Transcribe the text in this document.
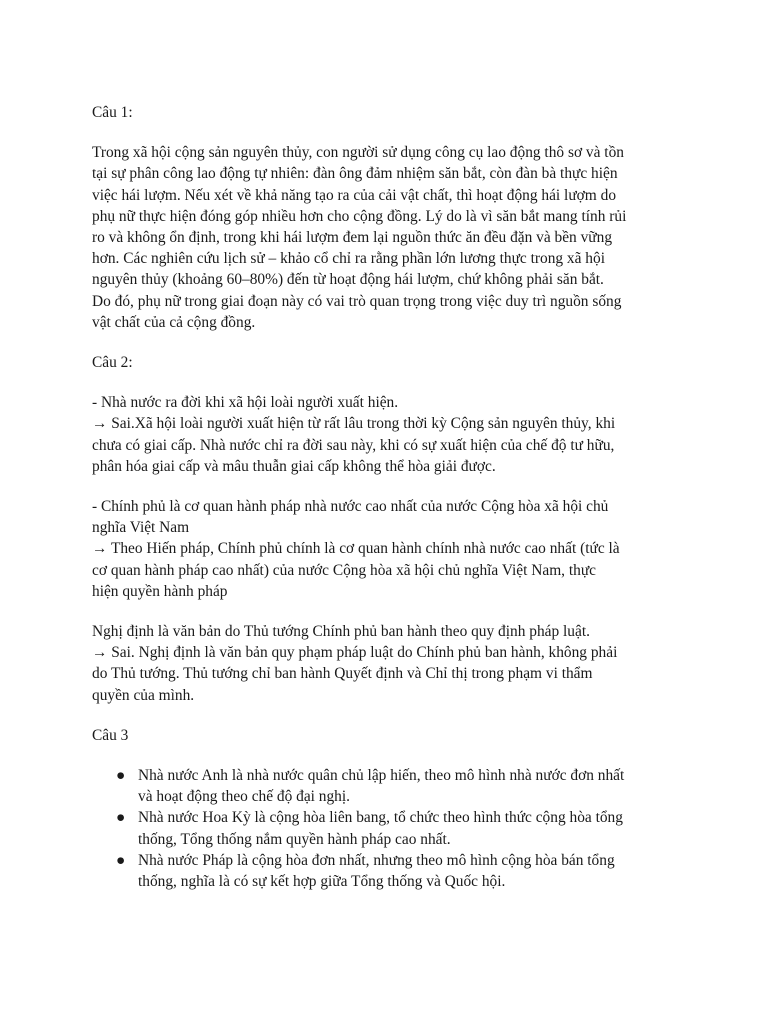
Câu 1:
Trong xã hội cộng sản nguyên thủy, con người sử dụng công cụ lao động thô sơ và tồn
tại sự phân công lao động tự nhiên: đàn ông đảm nhiệm săn bắt, còn đàn bà thực hiện
việc hái lượm. Nếu xét về khả năng tạo ra của cải vật chất, thì hoạt động hái lượm do
phụ nữ thực hiện đóng góp nhiều hơn cho cộng đồng. Lý do là vì săn bắt mang tính rủi
ro và không ổn định, trong khi hái lượm đem lại nguồn thức ăn đều đặn và bền vững
hơn. Các nghiên cứu lịch sử – khảo cổ chỉ ra rằng phần lớn lương thực trong xã hội
nguyên thủy (khoảng 60–80%) đến từ hoạt động hái lượm, chứ không phải săn bắt.
Do đó, phụ nữ trong giai đoạn này có vai trò quan trọng trong việc duy trì nguồn sống
vật chất của cả cộng đồng.
Câu 2:
- Nhà nước ra đời khi xã hội loài người xuất hiện.
→ Sai.Xã hội loài người xuất hiện từ rất lâu trong thời kỳ Cộng sản nguyên thủy, khi
chưa có giai cấp. Nhà nước chỉ ra đời sau này, khi có sự xuất hiện của chế độ tư hữu,
phân hóa giai cấp và mâu thuẫn giai cấp không thể hòa giải được.
- Chính phủ là cơ quan hành pháp nhà nước cao nhất của nước Cộng hòa xã hội chủ
nghĩa Việt Nam
→ Theo Hiến pháp, Chính phủ chính là cơ quan hành chính nhà nước cao nhất (tức là
cơ quan hành pháp cao nhất) của nước Cộng hòa xã hội chủ nghĩa Việt Nam, thực
hiện quyền hành pháp
Nghị định là văn bản do Thủ tướng Chính phủ ban hành theo quy định pháp luật.
→ Sai. Nghị định là văn bản quy phạm pháp luật do Chính phủ ban hành, không phải
do Thủ tướng. Thủ tướng chỉ ban hành Quyết định và Chỉ thị trong phạm vi thẩm
quyền của mình.
Câu 3
● Nhà nước Anh là nhà nước quân chủ lập hiến, theo mô hình nhà nước đơn nhất
và hoạt động theo chế độ đại nghị.
● Nhà nước Hoa Kỳ là cộng hòa liên bang, tổ chức theo hình thức cộng hòa tổng
thống, Tổng thống nắm quyền hành pháp cao nhất.
● Nhà nước Pháp là cộng hòa đơn nhất, nhưng theo mô hình cộng hòa bán tổng
thống, nghĩa là có sự kết hợp giữa Tổng thống và Quốc hội.
